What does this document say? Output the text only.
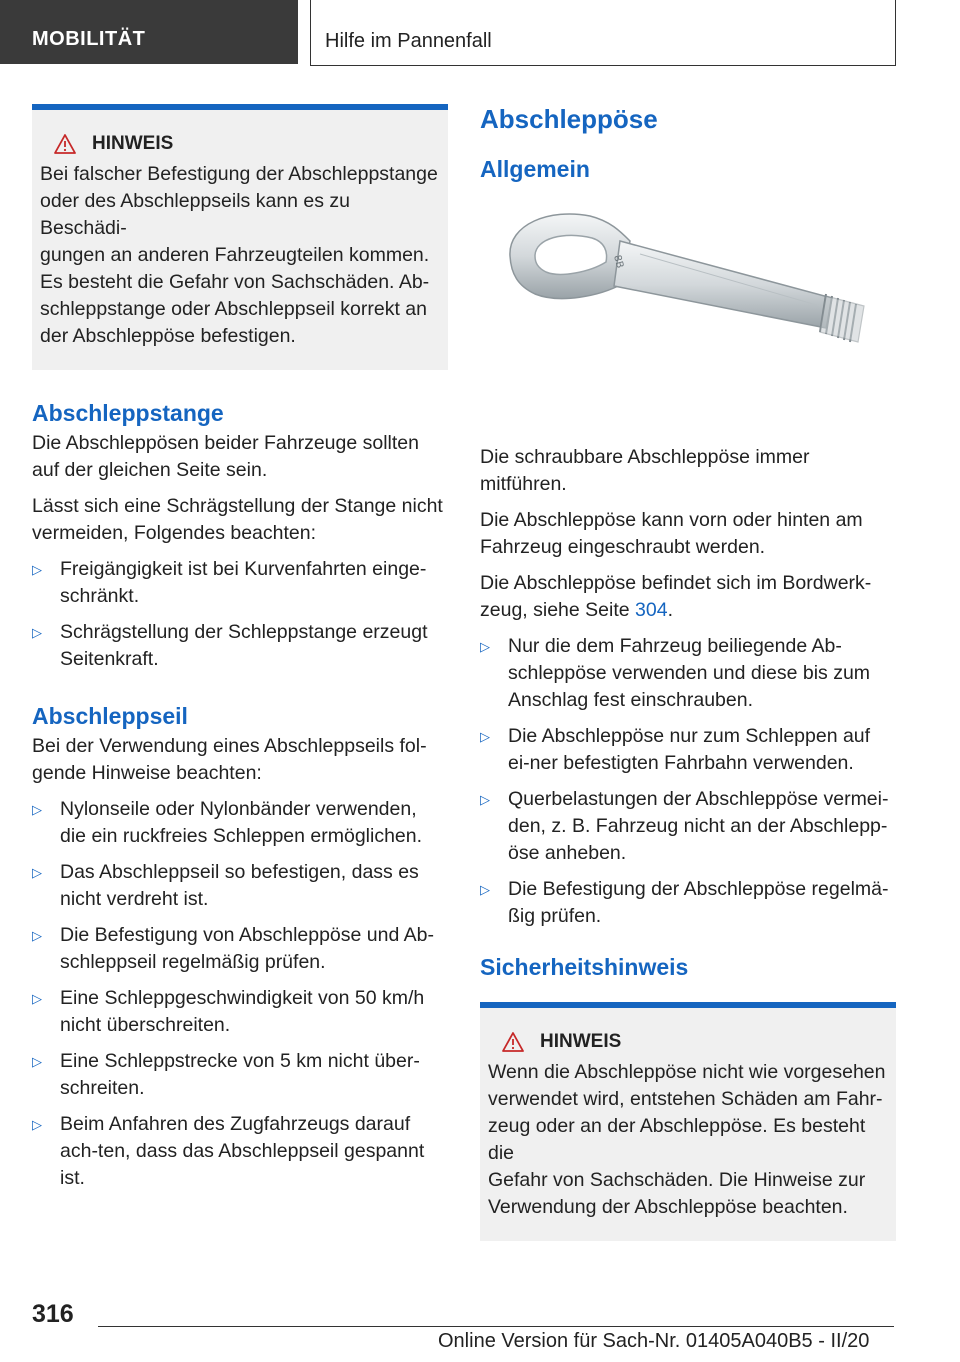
MOBILITÄT	Hilfe im Pannenfall
HINWEIS

Bei falscher Befestigung der Abschleppstange

oder des Abschleppseils kann es zu Beschädi-

gungen an anderen Fahrzeugteilen kommen.

Es besteht die Gefahr von Sachschäden. Ab-

schleppstange oder Abschleppseil korrekt an

der Abschleppöse befestigen.

Abschleppstange

Die Abschleppösen beider Fahrzeuge sollten auf der gleichen Seite sein.

Lässt sich eine Schrägstellung der Stange nicht vermeiden, Folgendes beachten:

▷ Freigängigkeit ist bei Kurvenfahrten einge-schränkt.
▷ Schrägstellung der Schleppstange erzeugt Seitenkraft.
Abschleppseil

Bei der Verwendung eines Abschleppseils fol-gende Hinweise beachten:

▷ Nylonseile oder Nylonbänder verwenden, die ein ruckfreies Schleppen ermöglichen.
▷ Das Abschleppseil so befestigen, dass es nicht verdreht ist.
▷ Die Befestigung von Abschleppöse und Ab-schleppseil regelmäßig prüfen.
▷ Eine Schleppgeschwindigkeit von 50 km/h nicht überschreiten.
▷ Eine Schleppstrecke von 5 km nicht über-schreiten.
▷ Beim Anfahren des Zugfahrzeugs darauf ach-ten, dass das Abschleppseil gespannt ist.
Abschleppöse
Allgemein
8B

Die schraubbare Abschleppöse immer mitführen.

Die Abschleppöse kann vorn oder hinten am Fahrzeug eingeschraubt werden.

Die Abschleppöse befindet sich im Bordwerk-zeug, siehe Seite 304.

▷ Nur die dem Fahrzeug beiliegende Ab-schleppöse verwenden und diese bis zum Anschlag fest einschrauben.
▷ Die Abschleppöse nur zum Schleppen auf ei-ner befestigten Fahrbahn verwenden.
▷ Querbelastungen der Abschleppöse vermei-den, z. B. Fahrzeug nicht an der Abschlepp-öse anheben.
▷ Die Befestigung der Abschleppöse regelmä-ßig prüfen.
Sicherheitshinweis
HINWEIS

Wenn die Abschleppöse nicht wie vorgesehen

verwendet wird, entstehen Schäden am Fahr-

zeug oder an der Abschleppöse. Es besteht die

Gefahr von Sachschäden. Die Hinweise zur

Verwendung der Abschleppöse beachten.

316
Online Version für Sach-Nr. 01405A040B5 - II/20
